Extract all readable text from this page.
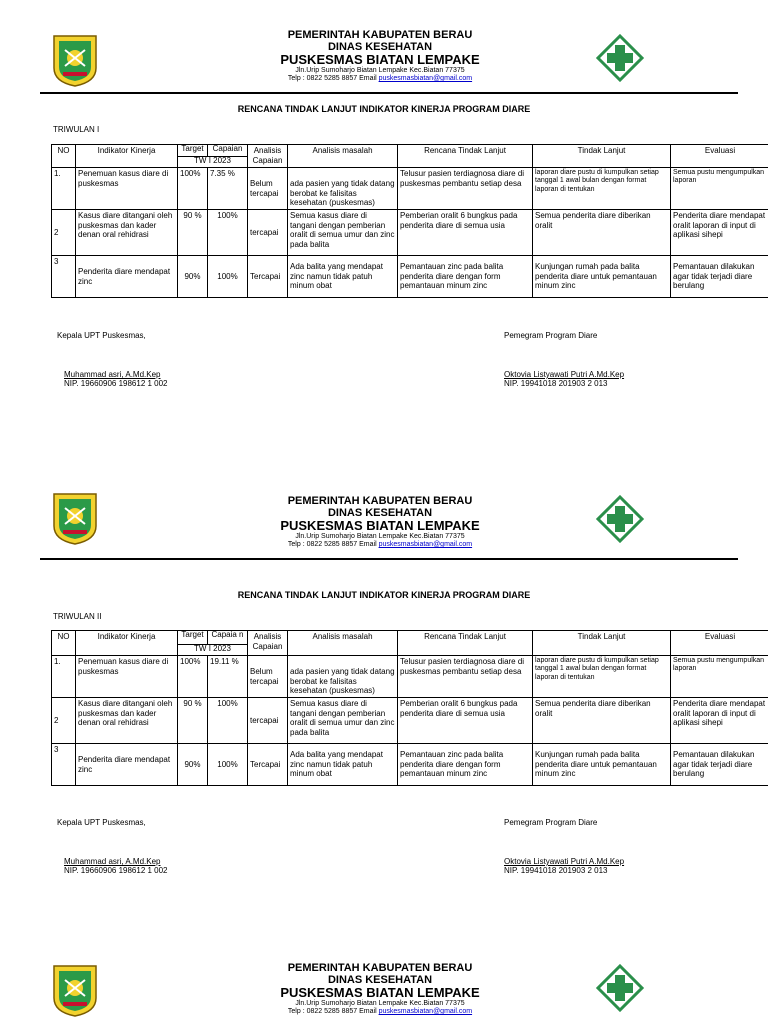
PEMERINTAH KABUPATEN BERAU
DINAS KESEHATAN
PUSKESMAS BIATAN LEMPAKE
Jln.Urip Sumoharjo Biatan Lempake Kec.Biatan 77375
Telp : 0822 5285 8857 Email puskesmasbiatan@gmail.com
RENCANA TINDAK LANJUT INDIKATOR KINERJA PROGRAM DIARE
TRIWULAN I
NO	Indikator Kinerja	Target	Capaian	Analisis Capaian	Analisis masalah	Rencana Tindak Lanjut	Tindak Lanjut	Evaluasi
		TW I 2023						
1.	Penemuan kasus diare di puskesmas	100%	7.35 %	Belum tercapai	ada pasien yang tidak datang berobat ke falisitas kesehatan (puskesmas)	Telusur pasien terdiagnosa diare di puskesmas pembantu setiap desa	laporan diare pustu di kumpulkan setiap tanggal 1 awal bulan dengan format laporan di tentukan	Semua pustu mengumpulkan laporan
2	Kasus diare ditangani oleh puskesmas dan kader denan oral rehidrasi	90 %	100%	tercapai	Semua kasus diare di tangani dengan pemberian oralit di semua umur dan zinc pada balita	Pemberian oralit 6 bungkus pada penderita diare di semua usia	Semua penderita diare diberikan oralit	Penderita diare mendapat oralit laporan di input di aplikasi sihepi
3	Penderita diare mendapat zinc	90%	100%	Tercapai	Ada balita yang mendapat zinc namun tidak patuh minum obat	Pemantauan zinc pada balita penderita diare dengan form pemantauan minum zinc	Kunjungan rumah pada balita penderita diare untuk pemantauan minum zinc	Pemantauan dilakukan agar tidak terjadi diare berulang
Kepala UPT Puskesmas,	Pemegram Program Diare
Muhammad asri, A.Md.Kep
NIP. 19660906 198612 1 002
Oktovia Listyawati Putri A.Md.Kep
NIP. 19941018 201903 2 013
PEMERINTAH KABUPATEN BERAU
DINAS KESEHATAN
PUSKESMAS BIATAN LEMPAKE
Jln.Urip Sumoharjo Biatan Lempake Kec.Biatan 77375
Telp : 0822 5285 8857 Email puskesmasbiatan@gmail.com
RENCANA TINDAK LANJUT INDIKATOR KINERJA PROGRAM DIARE
TRIWULAN II
NO	Indikator Kinerja	Target	Capaia n	Analisis Capaian	Analisis masalah	Rencana Tindak Lanjut	Tindak Lanjut	Evaluasi
		TW I 2023						
1.	Penemuan kasus diare di puskesmas	100%	19.11 %	Belum tercapai	ada pasien yang tidak datang berobat ke falisitas kesehatan (puskesmas)	Telusur pasien terdiagnosa diare di puskesmas pembantu setiap desa	laporan diare pustu di kumpulkan setiap tanggal 1 awal bulan dengan format laporan di tentukan	Semua pustu mengumpulkan laporan
2	Kasus diare ditangani oleh puskesmas dan kader denan oral rehidrasi	90 %	100%	tercapai	Semua kasus diare di tangani dengan pemberian oralit di semua umur dan zinc pada balita	Pemberian oralit 6 bungkus pada penderita diare di semua usia	Semua penderita diare diberikan oralit	Penderita diare mendapat oralit laporan di input di aplikasi sihepi
3	Penderita diare mendapat zinc	90%	100%	Tercapai	Ada balita yang mendapat zinc namun tidak patuh minum obat	Pemantauan zinc pada balita penderita diare dengan form pemantauan minum zinc	Kunjungan rumah pada balita penderita diare untuk pemantauan minum zinc	Pemantauan dilakukan agar tidak terjadi diare berulang
Kepala UPT Puskesmas,	Pemegram Program Diare
Muhammad asri, A.Md.Kep
NIP. 19660906 198612 1 002
Oktovia Listyawati Putri A.Md.Kep
NIP. 19941018 201903 2 013
PEMERINTAH KABUPATEN BERAU
DINAS KESEHATAN
PUSKESMAS BIATAN LEMPAKE
Jln.Urip Sumoharjo Biatan Lempake Kec.Biatan 77375
Telp : 0822 5285 8857 Email puskesmasbiatan@gmail.com
